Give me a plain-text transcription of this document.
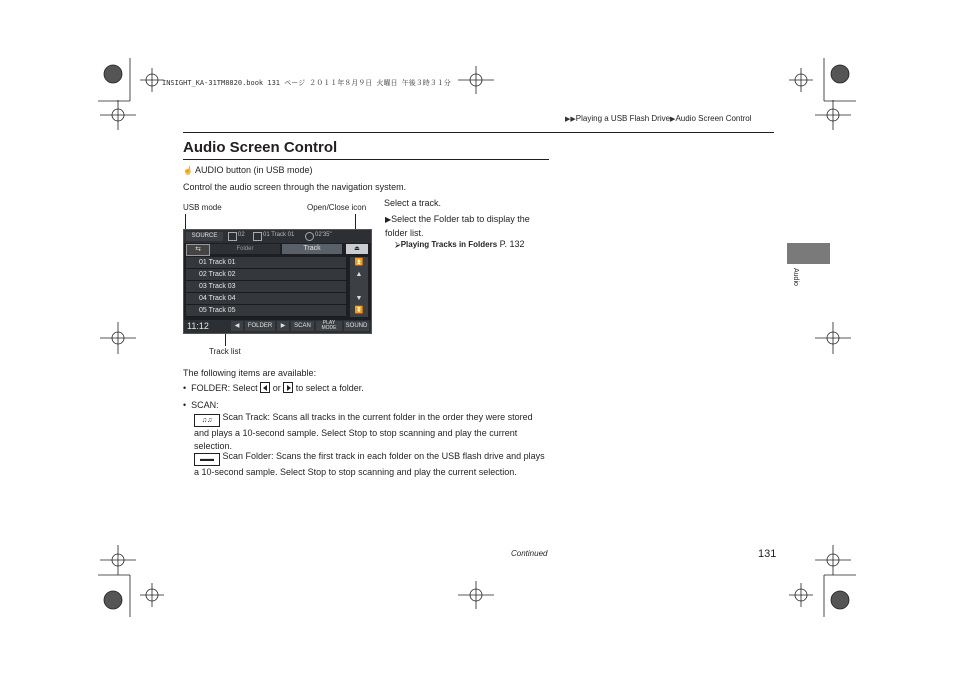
INSIGHT_KA-31TM8820.book 131 ページ ２０１１年８月９日 火曜日 午後３時３１分
▶▶Playing a USB Flash Drive▶Audio Screen Control
Audio
Audio Screen Control
☝ AUDIO button (in USB mode)
Control the audio screen through the navigation system.
USB mode	Open/Close icon
Track list
SOURCE	02	01 Track 01	02'35"
⇆	Folder	Track	⏏
01 Track 01
02 Track 02
03 Track 03
04 Track 04
05 Track 05
⏫
▲
▼
⏬
11:12	◀	FOLDER	▶	SCAN	PLAY MODE	SOUND
Select a track.
▶Select the Folder tab to display the folder list.
⮚Playing Tracks in Folders P. 132
The following items are available:
•  FOLDER: Select  or  to select a folder.
•  SCAN:
♫♫ Scan Track: Scans all tracks in the current folder in the order they were stored and plays a 10-second sample. Select Stop to stop scanning and play the current selection.
▬▬ Scan Folder: Scans the first track in each folder on the USB flash drive and plays a 10-second sample. Select Stop to stop scanning and play the current selection.
Continued	131
